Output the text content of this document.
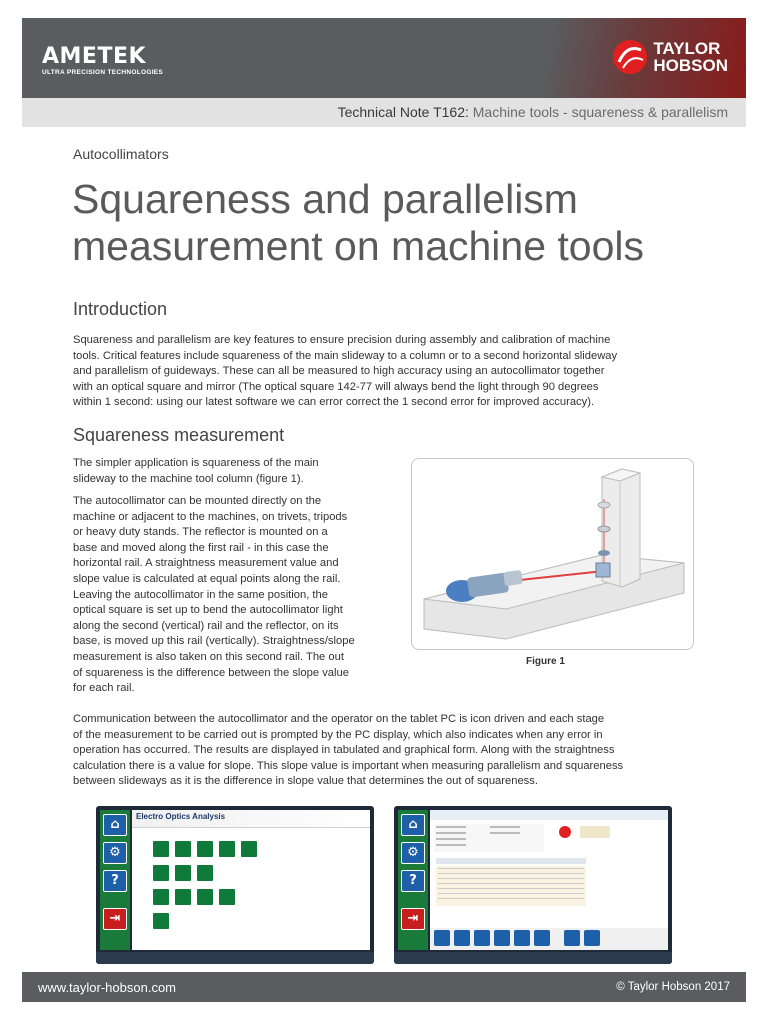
AMETEK
ULTRA PRECISION TECHNOLOGIES
TAYLOR
HOBSON
Technical Note T162: Machine tools - squareness & parallelism
Autocollimators
Squareness and parallelism measurement on machine tools
Introduction
Squareness and parallelism are key features to ensure precision during assembly and calibration of machine
tools. Critical features include squareness of the main slideway to a column or to a second horizontal slideway
and parallelism of guideways. These can all be measured to high accuracy using an autocollimator together
with an optical square and mirror (The optical square 142-77 will always bend the light through 90 degrees
within 1 second: using our latest software we can error correct the 1 second error for improved accuracy).
Squareness measurement
The simpler application is squareness of the main
slideway to the machine tool column (figure 1).
The autocollimator can be mounted directly on the
machine or adjacent to the machines, on trivets, tripods
or heavy duty stands. The reflector is mounted on a
base and moved along the first rail - in this case the
horizontal rail. A straightness measurement value and
slope value is calculated at equal points along the rail.
Leaving the autocollimator in the same position, the
optical square is set up to bend the autocollimator light
along the second (vertical) rail and the reflector, on its
base, is moved up this rail (vertically). Straightness/slope
measurement is also taken on this second rail. The out
of squareness is the difference between the slope value
for each rail.
Figure 1
Communication between the autocollimator and the operator on the tablet PC is icon driven and each stage
of the measurement to be carried out is prompted by the PC display, which also indicates when any error in
operation has occurred. The results are displayed in tabulated and graphical form. Along with the straightness
calculation there is a value for slope. This slope value is important when measuring parallelism and squareness
between slideways as it is the difference in slope value that determines the out of squareness.
⌂
⚙
?
⇥
Electro Optics Analysis
⌂
⚙
?
⇥
www.taylor-hobson.com	© Taylor Hobson 2017
